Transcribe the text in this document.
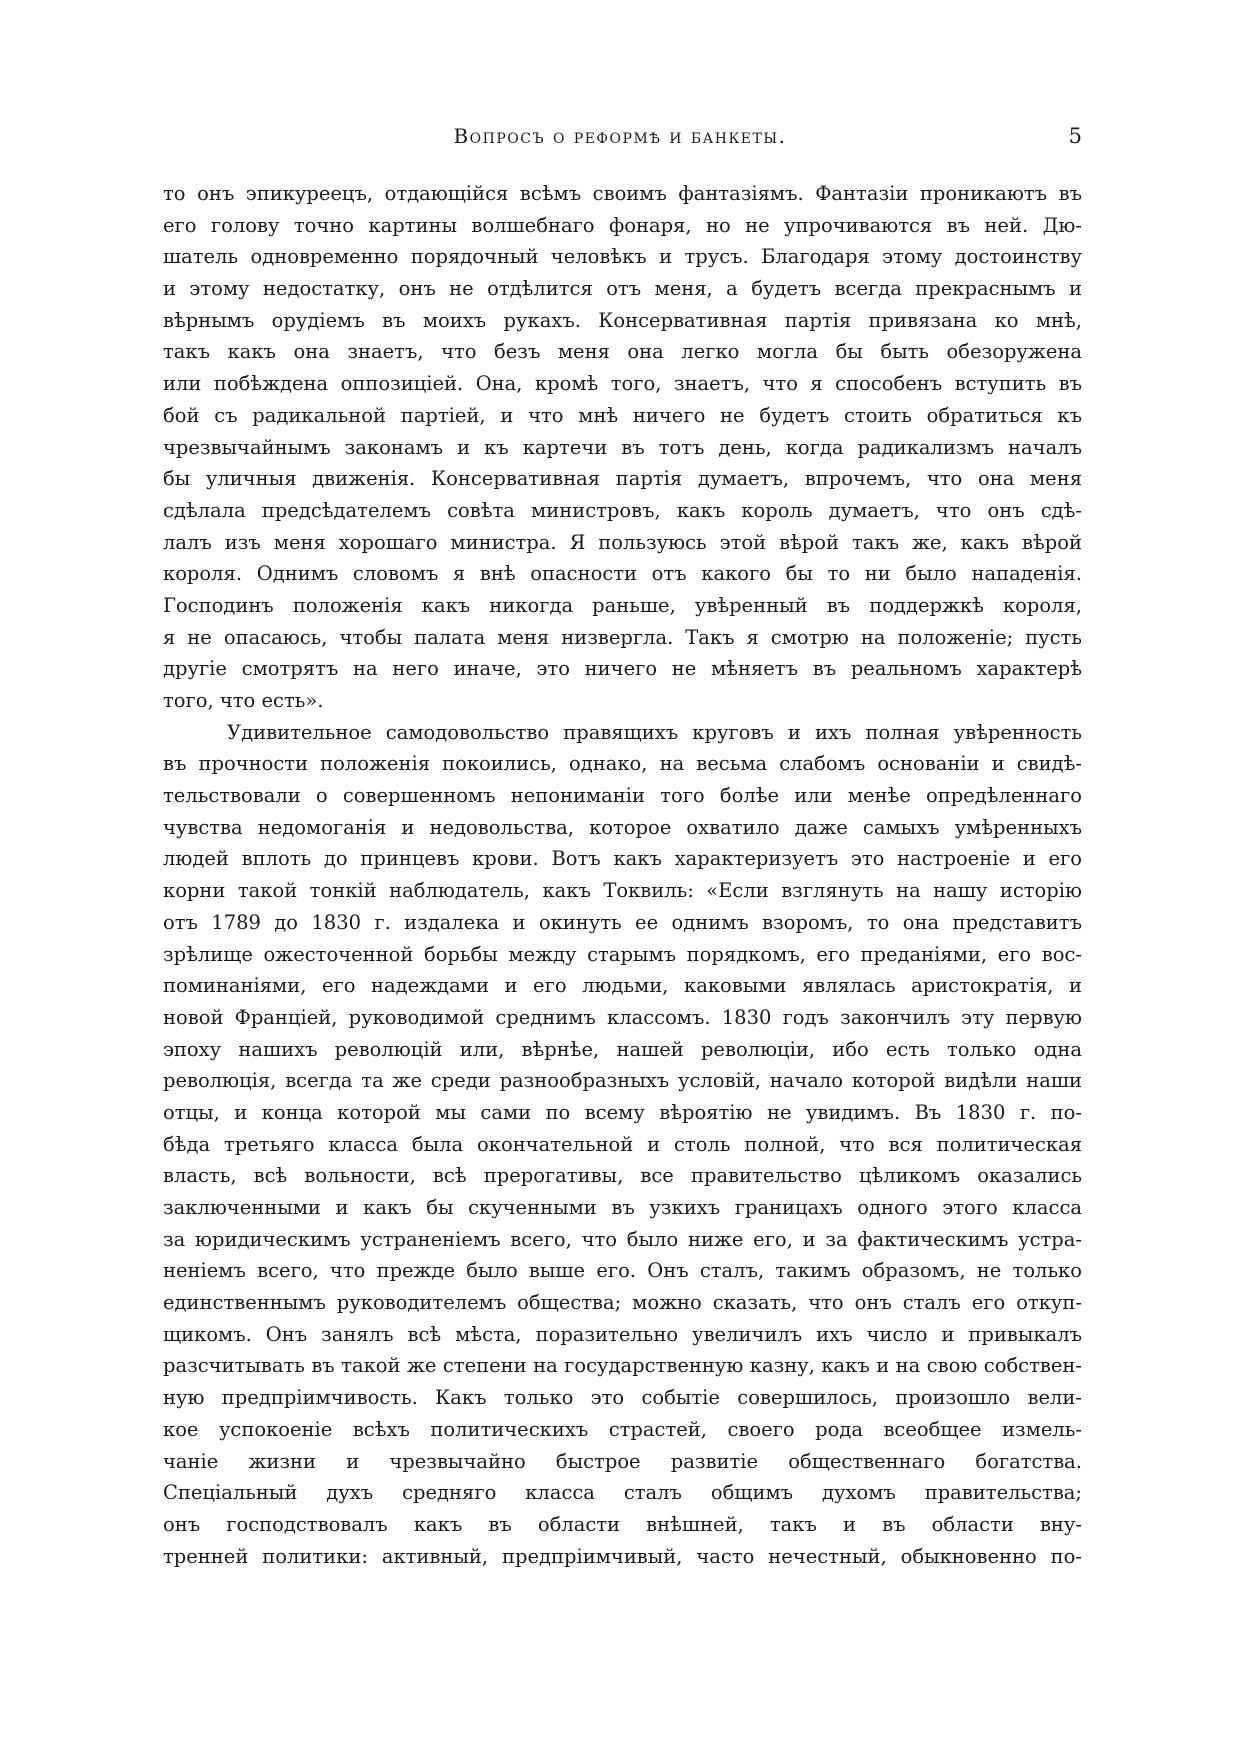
Вопросъ о реформѣ и банкеты.	5
то онъ эпикуреецъ, отдающійся всѣмъ своимъ фантазіямъ. Фантазіи проникаютъ въ
его голову точно картины волшебнаго фонаря, но не упрочиваются въ ней. Дю-
шатель одновременно порядочный человѣкъ и трусъ. Благодаря этому достоинству
и этому недостатку, онъ не отдѣлится отъ меня, а будетъ всегда прекраснымъ и
вѣрнымъ орудіемъ въ моихъ рукахъ. Консервативная партія привязана ко мнѣ,
такъ какъ она знаетъ, что безъ меня она легко могла бы быть обезоружена
или побѣждена оппозиціей. Она, кромѣ того, знаетъ, что я способенъ вступить въ
бой съ радикальной партіей, и что мнѣ ничего не будетъ стоить обратиться къ
чрезвычайнымъ законамъ и къ картечи въ тотъ день, когда радикализмъ началъ
бы уличныя движенія. Консервативная партія думаетъ, впрочемъ, что она меня
сдѣлала предсѣдателемъ совѣта министровъ, какъ король думаетъ, что онъ сдѣ-
лалъ изъ меня хорошаго министра. Я пользуюсь этой вѣрой такъ же, какъ вѣрой
короля. Однимъ словомъ я внѣ опасности отъ какого бы то ни было нападенія.
Господинъ положенія какъ никогда раньше, увѣренный въ поддержкѣ короля,
я не опасаюсь, чтобы палата меня низвергла. Такъ я смотрю на положеніе; пусть
другіе смотрятъ на него иначе, это ничего не мѣняетъ въ реальномъ характерѣ
того, что есть».
Удивительное самодовольство правящихъ круговъ и ихъ полная увѣренность
въ прочности положенія покоились, однако, на весьма слабомъ основаніи и свидѣ-
тельствовали о совершенномъ непониманіи того болѣе или менѣе опредѣленнаго
чувства недомоганія и недовольства, которое охватило даже самыхъ умѣренныхъ
людей вплоть до принцевъ крови. Вотъ какъ характеризуетъ это настроеніе и его
корни такой тонкій наблюдатель, какъ Токвиль: «Если взглянуть на нашу исторію
отъ 1789 до 1830 г. издалека и окинуть ее однимъ взоромъ, то она представитъ
зрѣлище ожесточенной борьбы между старымъ порядкомъ, его преданіями, его вос-
поминаніями, его надеждами и его людьми, каковыми являлась аристократія, и
новой Франціей, руководимой среднимъ классомъ. 1830 годъ закончилъ эту первую
эпоху нашихъ революцій или, вѣрнѣе, нашей революціи, ибо есть только одна
революція, всегда та же среди разнообразныхъ условій, начало которой видѣли наши
отцы, и конца которой мы сами по всему вѣроятію не увидимъ. Въ 1830 г. по-
бѣда третьяго класса была окончательной и столь полной, что вся политическая
власть, всѣ вольности, всѣ прерогативы, все правительство цѣликомъ оказались
заключенными и какъ бы скученными въ узкихъ границахъ одного этого класса
за юридическимъ устраненіемъ всего, что было ниже его, и за фактическимъ устра-
неніемъ всего, что прежде было выше его. Онъ сталъ, такимъ образомъ, не только
единственнымъ руководителемъ общества; можно сказать, что онъ сталъ его откуп-
щикомъ. Онъ занялъ всѣ мѣста, поразительно увеличилъ ихъ число и привыкалъ
разсчитывать въ такой же степени на государственную казну, какъ и на свою собствен-
ную предпріимчивость. Какъ только это событіе совершилось, произошло вели-
кое успокоеніе всѣхъ политическихъ страстей, своего рода всеобщее измель-
чаніе жизни и чрезвычайно быстрое развитіе общественнаго богатства.
Спеціальный духъ средняго класса сталъ общимъ духомъ правительства;
онъ господствовалъ какъ въ области внѣшней, такъ и въ области вну-
тренней политики: активный, предпріимчивый, часто нечестный, обыкновенно по-
